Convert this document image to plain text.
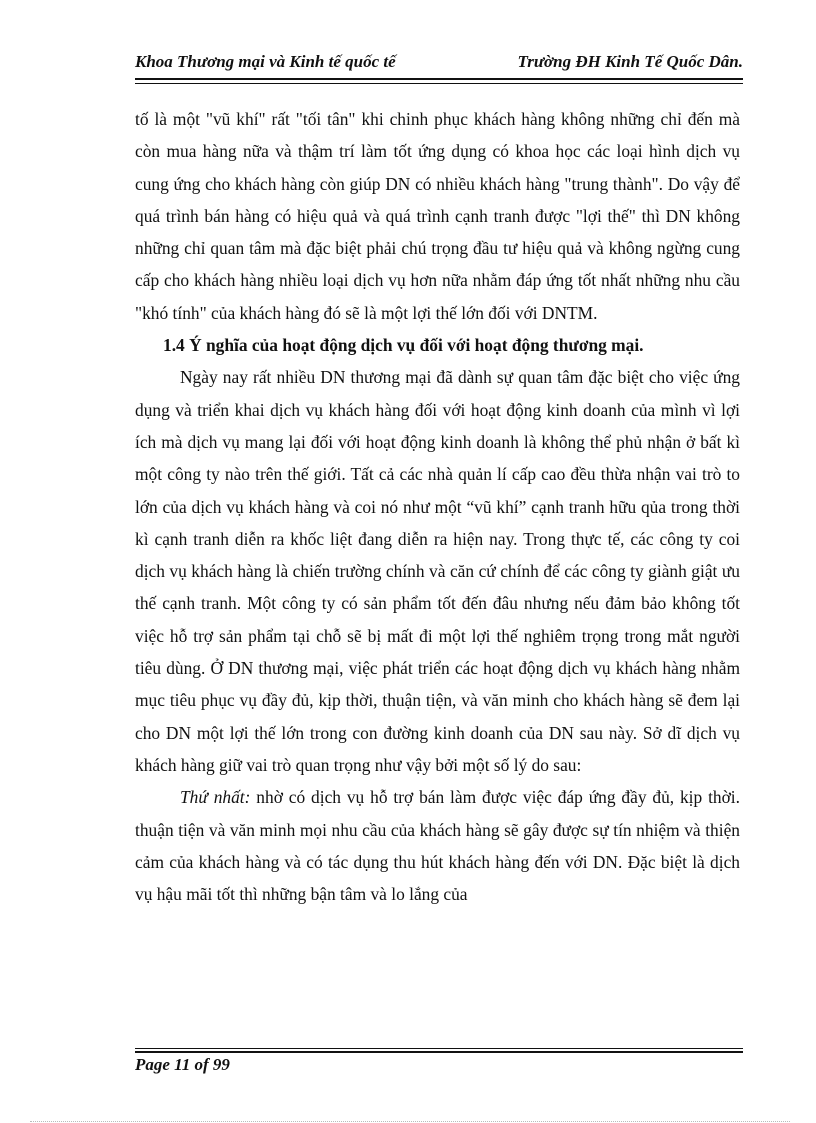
Khoa Thương mại và Kinh tế quốc tế	Trường ĐH Kinh Tế Quốc Dân.

tố là một "vũ khí" rất "tối tân" khi chinh phục khách hàng không những chỉ đến mà còn mua hàng nữa và thậm trí làm tốt ứng dụng có khoa học các loại hình dịch vụ cung ứng cho khách hàng còn giúp DN có nhiều khách hàng "trung thành". Do vậy để quá trình bán hàng có hiệu quả và quá trình cạnh tranh được "lợi thế" thì DN không những chỉ quan tâm mà đặc biệt phải chú trọng đầu tư hiệu quả và không ngừng cung cấp cho khách hàng nhiều loại dịch vụ hơn nữa nhằm đáp ứng tốt nhất những nhu cầu "khó tính" của khách hàng đó sẽ là một lợi thế lớn đối với DNTM.

1.4 Ý nghĩa của hoạt động dịch vụ đối với hoạt động thương mại.

Ngày nay rất nhiều DN thương mại đã dành sự quan tâm đặc biệt cho việc ứng dụng và triển khai dịch vụ khách hàng đối với hoạt động kinh doanh của mình vì lợi ích mà dịch vụ mang lại đối với hoạt động kinh doanh là không thể phủ nhận ở bất kì một công ty nào trên thế giới. Tất cả các nhà quản lí cấp cao đều thừa nhận vai trò to lớn của dịch vụ khách hàng và coi nó như một “vũ khí” cạnh tranh hữu qủa trong thời kì cạnh tranh diễn ra khốc liệt đang diễn ra hiện nay. Trong thực tế, các công ty coi dịch vụ khách hàng là chiến trường chính và căn cứ chính để các công ty giành giật ưu thế cạnh tranh. Một công ty có sản phẩm tốt đến đâu nhưng nếu đảm bảo không tốt việc hỗ trợ sản phẩm tại chỗ sẽ bị mất đi một lợi thế nghiêm trọng trong mắt người tiêu dùng. Ở DN thương mại, việc phát triển các hoạt động dịch vụ khách hàng nhằm mục tiêu phục vụ đầy đủ, kịp thời, thuận tiện, và văn minh cho khách hàng sẽ đem lại cho DN một lợi thế lớn trong con đường kinh doanh của DN sau này. Sở dĩ dịch vụ khách hàng giữ vai trò quan trọng như vậy bởi một số lý do sau:

Thứ nhất: nhờ có dịch vụ hỗ trợ bán làm được việc đáp ứng đầy đủ, kịp thời. thuận tiện và văn minh mọi nhu cầu của khách hàng sẽ gây được sự tín nhiệm và thiện cảm của khách hàng và có tác dụng thu hút khách hàng đến với DN. Đặc biệt là dịch vụ hậu mãi tốt thì những bận tâm và lo lắng của

Page 11 of 99
